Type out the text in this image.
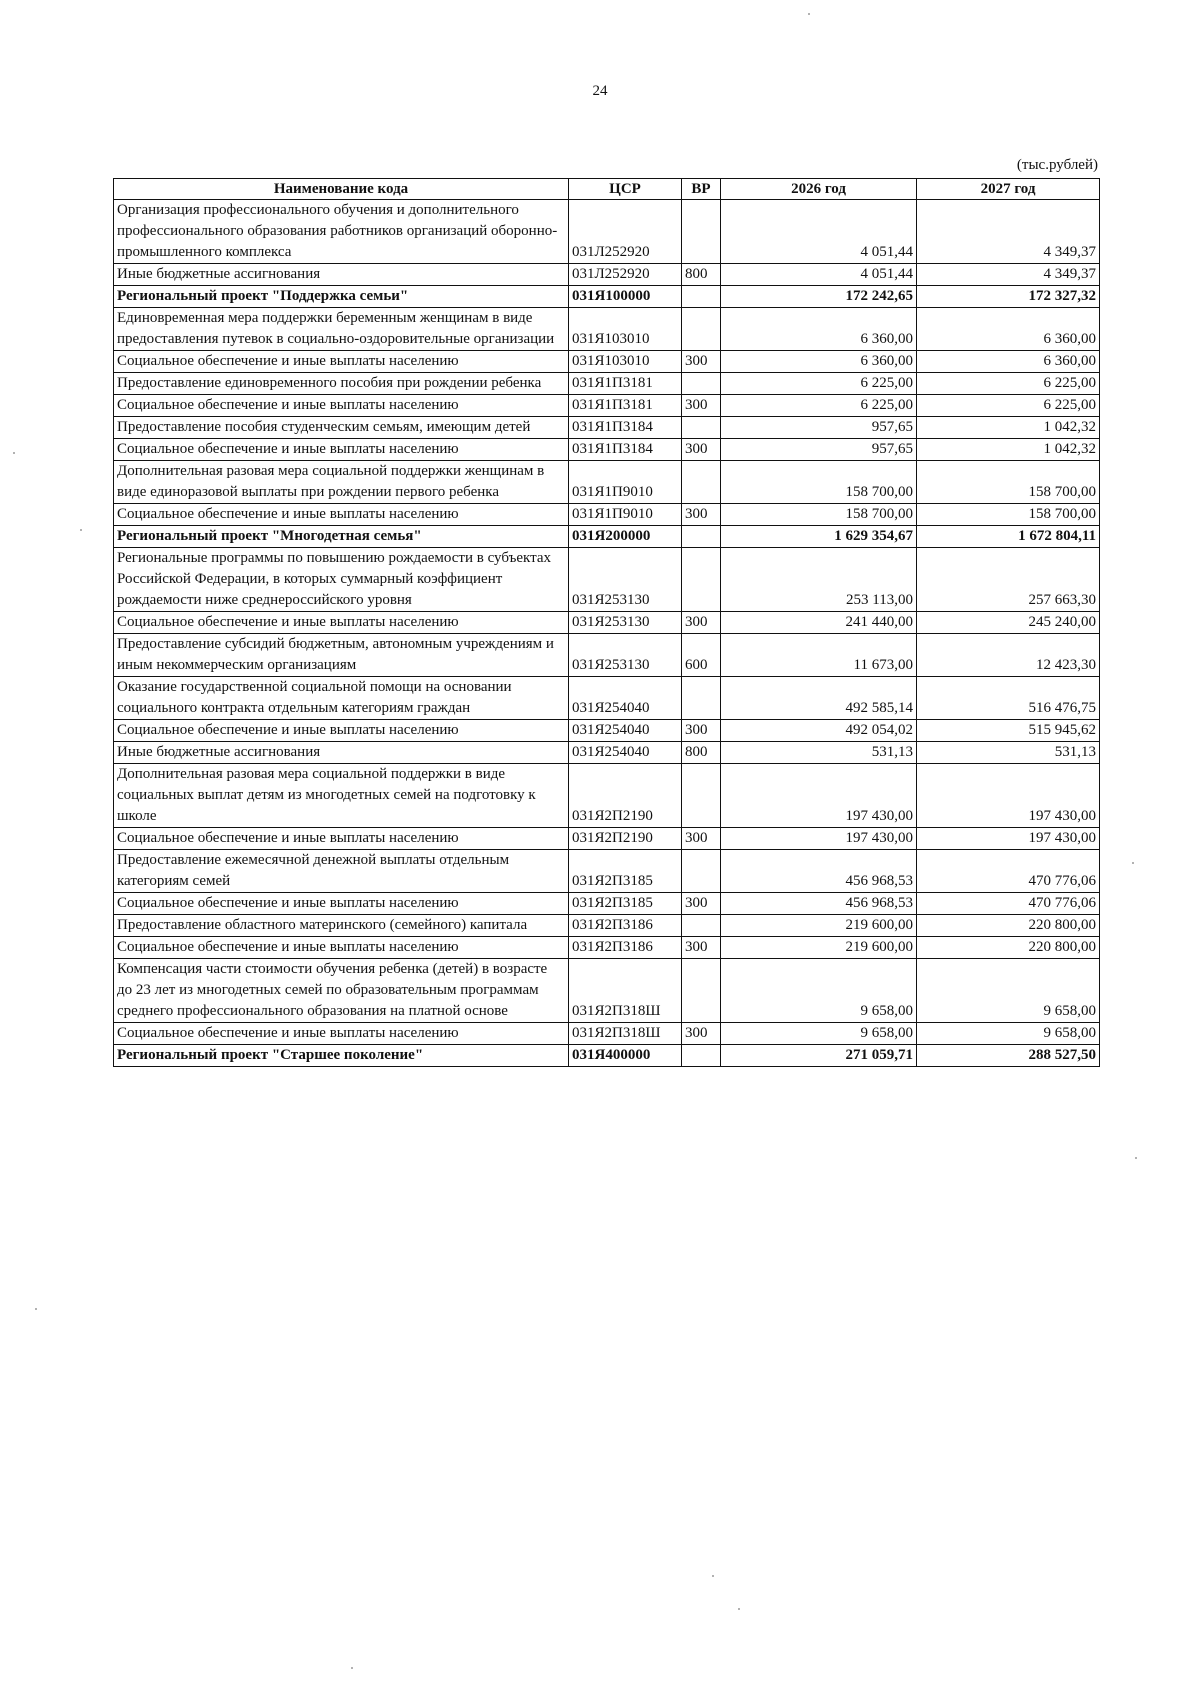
24
(тыс.рублей)
Наименование кода	ЦСР	ВР	2026 год	2027 год
Организация профессионального обучения и дополнительного профессионального образования работников организаций оборонно-промышленного комплекса	031Л252920		4 051,44	4 349,37
Иные бюджетные ассигнования	031Л252920	800	4 051,44	4 349,37
Региональный проект "Поддержка семьи"	031Я100000		172 242,65	172 327,32
Единовременная мера поддержки беременным женщинам в виде предоставления путевок в социально-оздоровительные организации	031Я103010		6 360,00	6 360,00
Социальное обеспечение и иные выплаты населению	031Я103010	300	6 360,00	6 360,00
Предоставление единовременного пособия при рождении ребенка	031Я1П3181		6 225,00	6 225,00
Социальное обеспечение и иные выплаты населению	031Я1П3181	300	6 225,00	6 225,00
Предоставление пособия студенческим семьям, имеющим детей	031Я1П3184		957,65	1 042,32
Социальное обеспечение и иные выплаты населению	031Я1П3184	300	957,65	1 042,32
Дополнительная разовая мера социальной поддержки женщинам в виде единоразовой выплаты при рождении первого ребенка	031Я1П9010		158 700,00	158 700,00
Социальное обеспечение и иные выплаты населению	031Я1П9010	300	158 700,00	158 700,00
Региональный проект "Многодетная семья"	031Я200000		1 629 354,67	1 672 804,11
Региональные программы по повышению рождаемости в субъектах Российской Федерации, в которых суммарный коэффициент рождаемости ниже среднероссийского уровня	031Я253130		253 113,00	257 663,30
Социальное обеспечение и иные выплаты населению	031Я253130	300	241 440,00	245 240,00
Предоставление субсидий бюджетным, автономным учреждениям и иным некоммерческим организациям	031Я253130	600	11 673,00	12 423,30
Оказание государственной социальной помощи на основании социального контракта отдельным категориям граждан	031Я254040		492 585,14	516 476,75
Социальное обеспечение и иные выплаты населению	031Я254040	300	492 054,02	515 945,62
Иные бюджетные ассигнования	031Я254040	800	531,13	531,13
Дополнительная разовая мера социальной поддержки в виде социальных выплат детям из многодетных семей на подготовку к школе	031Я2П2190		197 430,00	197 430,00
Социальное обеспечение и иные выплаты населению	031Я2П2190	300	197 430,00	197 430,00
Предоставление ежемесячной денежной выплаты отдельным категориям семей	031Я2П3185		456 968,53	470 776,06
Социальное обеспечение и иные выплаты населению	031Я2П3185	300	456 968,53	470 776,06
Предоставление областного материнского (семейного) капитала	031Я2П3186		219 600,00	220 800,00
Социальное обеспечение и иные выплаты населению	031Я2П3186	300	219 600,00	220 800,00
Компенсация части стоимости обучения ребенка (детей) в возрасте до 23 лет из многодетных семей по образовательным программам среднего профессионального образования на платной основе	031Я2П318Ш		9 658,00	9 658,00
Социальное обеспечение и иные выплаты населению	031Я2П318Ш	300	9 658,00	9 658,00
Региональный проект "Старшее поколение"	031Я400000		271 059,71	288 527,50
